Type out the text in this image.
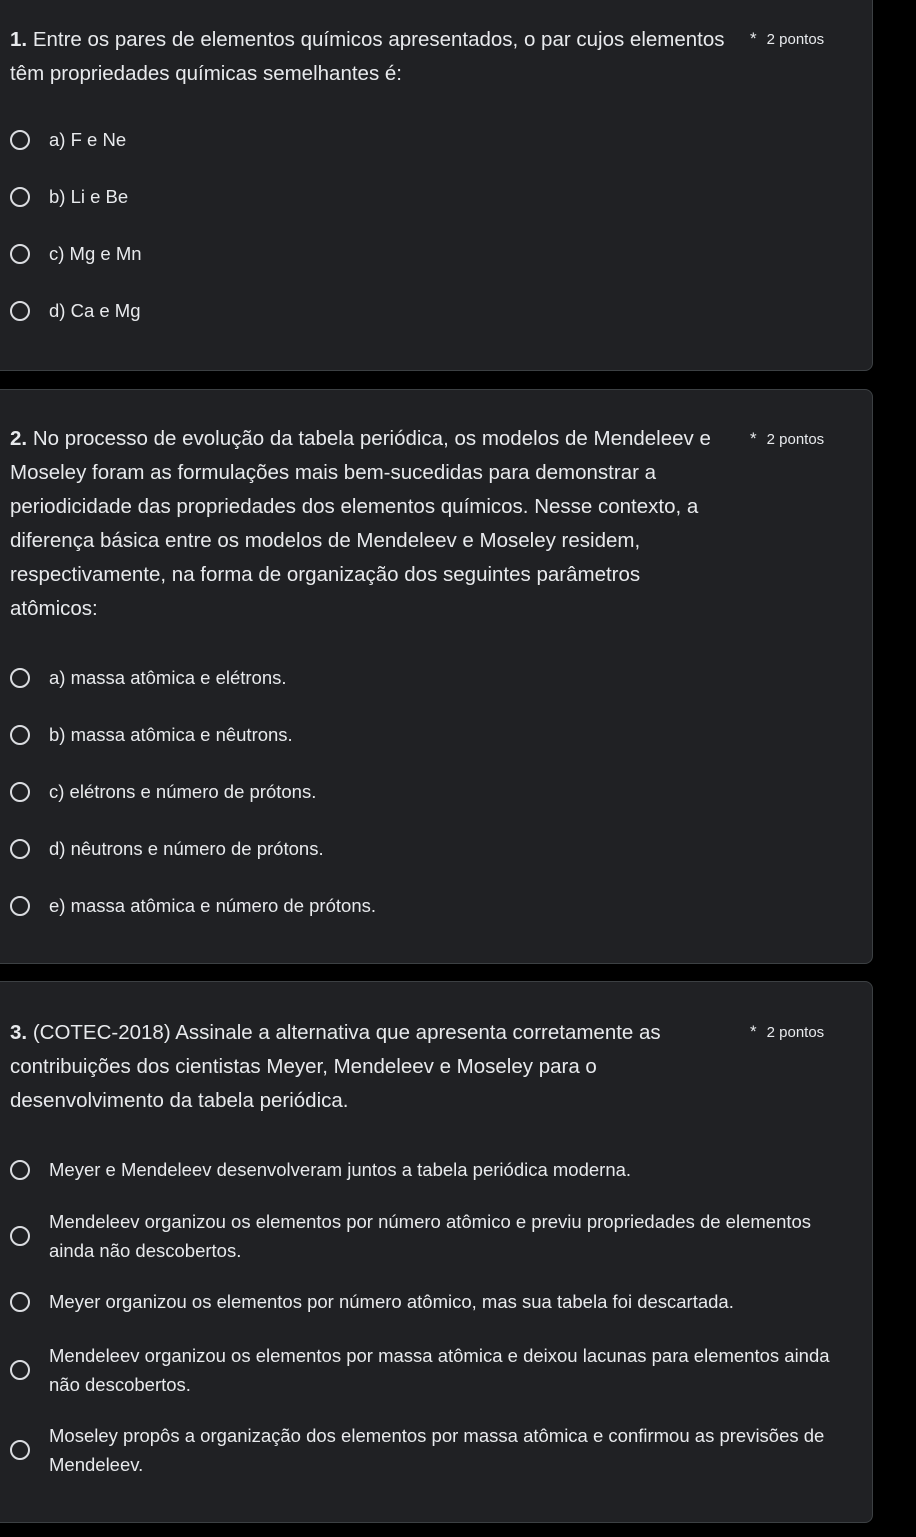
1. Entre os pares de elementos químicos apresentados, o par cujos elementos têm propriedades químicas semelhantes é:
* 2 pontos
a) F e Ne
b) Li e Be
c) Mg e Mn
d) Ca e Mg
2. No processo de evolução da tabela periódica, os modelos de Mendeleev e Moseley foram as formulações mais bem-sucedidas para demonstrar a periodicidade das propriedades dos elementos químicos. Nesse contexto, a diferença básica entre os modelos de Mendeleev e Moseley residem, respectivamente, na forma de organização dos seguintes parâmetros atômicos:
* 2 pontos
a) massa atômica e elétrons.
b) massa atômica e nêutrons.
c) elétrons e número de prótons.
d) nêutrons e número de prótons.
e) massa atômica e número de prótons.
3. (COTEC-2018) Assinale a alternativa que apresenta corretamente as contribuições dos cientistas Meyer, Mendeleev e Moseley para o desenvolvimento da tabela periódica.
* 2 pontos
Meyer e Mendeleev desenvolveram juntos a tabela periódica moderna.
Mendeleev organizou os elementos por número atômico e previu propriedades de elementos ainda não descobertos.
Meyer organizou os elementos por número atômico, mas sua tabela foi descartada.
Mendeleev organizou os elementos por massa atômica e deixou lacunas para elementos ainda não descobertos.
Moseley propôs a organização dos elementos por massa atômica e confirmou as previsões de Mendeleev.
